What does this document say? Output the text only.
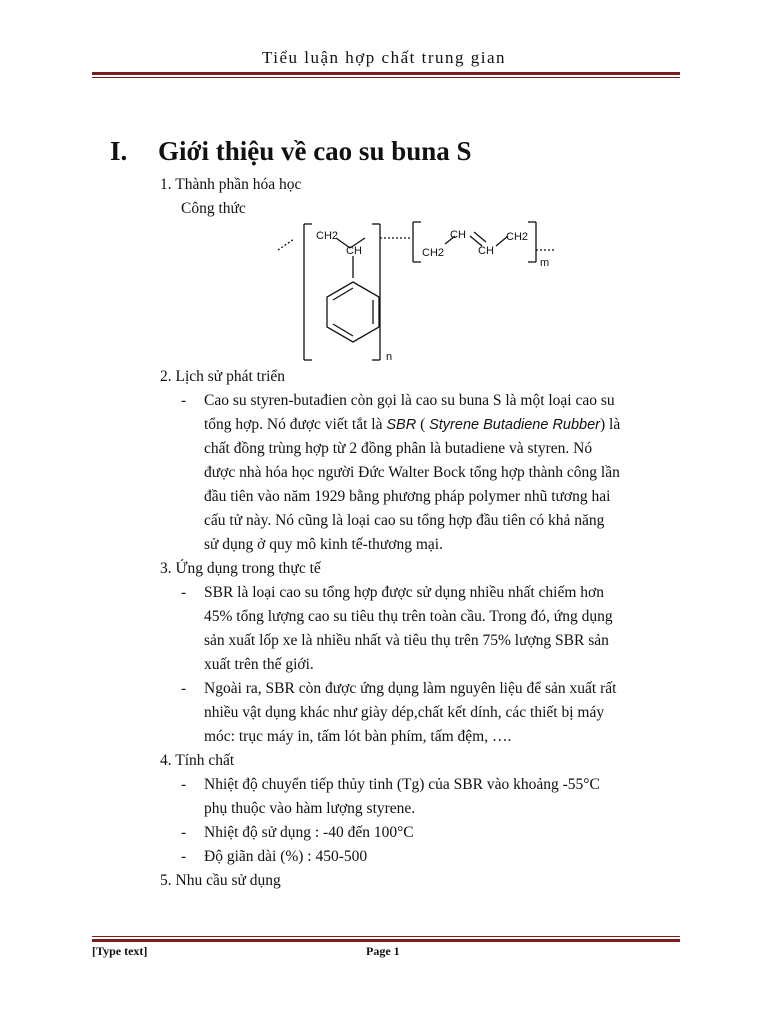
Tiểu luận hợp chất trung gian
I. Giới thiệu về cao su buna S
1. Thành phần hóa học
Công thức
CH2
CH	CH2
CH
CH
CH2
n
m
2. Lịch sử phát triển
- Cao su styren-butađien còn gọi là cao su buna S là một loại cao su
tổng hợp. Nó được viết tắt là SBR ( Styrene Butadiene Rubber) là
chất đồng trùng hợp từ 2 đồng phân là butadiene và styren. Nó
được nhà hóa học người Đức Walter Bock tổng hợp thành công lần
đầu tiên vào năm 1929 bằng phương pháp polymer nhũ tương hai
cấu tử này. Nó cũng là loại cao su tổng hợp đầu tiên có khả năng
sử dụng ở quy mô kinh tế-thương mại.
3. Ứng dụng trong thực tế
- SBR là loại cao su tổng hợp được sử dụng nhiều nhất chiếm hơn
45% tổng lượng cao su tiêu thụ trên toàn cầu. Trong đó, ứng dụng
sản xuất lốp xe là nhiều nhất và tiêu thụ trên 75% lượng SBR sản
xuất trên thế giới.
- Ngoài ra, SBR còn được ứng dụng làm nguyên liệu để sản xuất rất
nhiều vật dụng khác như giày dép,chất kết dính, các thiết bị máy
móc: trục máy in, tấm lót bàn phím, tấm đệm, ….
4. Tính chất
- Nhiệt độ chuyển tiếp thủy tinh (Tg) của SBR vào khoảng -55°C
phụ thuộc vào hàm lượng styrene.
- Nhiệt độ sử dụng : -40 đến 100°C
- Độ giãn dài (%) : 450-500
5. Nhu cầu sử dụng
[Type text]	Page 1
